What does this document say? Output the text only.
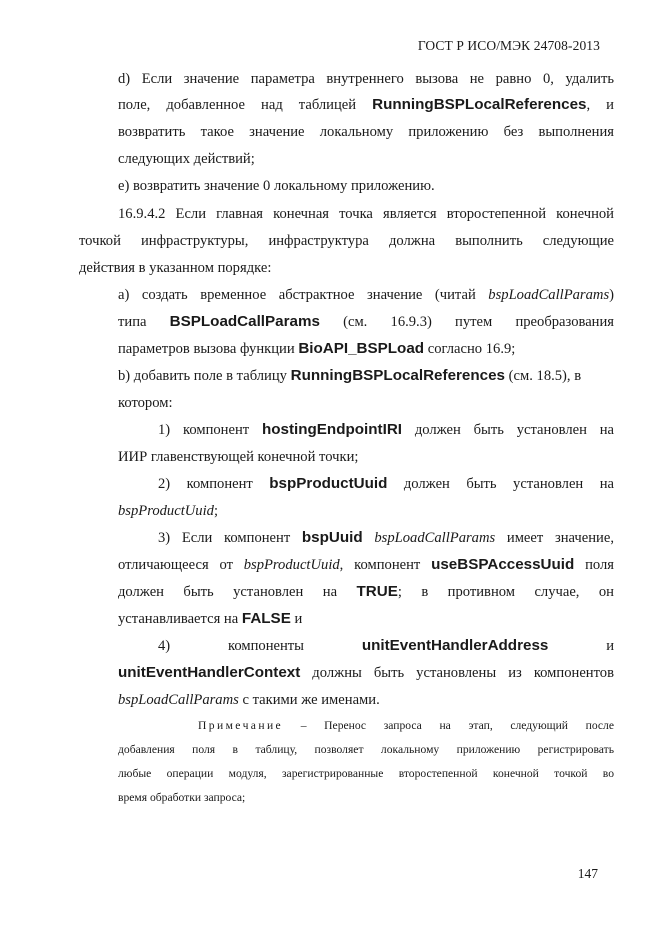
ГОСТ Р ИСО/МЭК 24708-2013
d) Если значение параметра внутреннего вызова не равно 0, удалить
поле, добавленное над таблицей RunningBSPLocalReferences, и
возвратить такое значение локальному приложению без выполнения
следующих действий;
e) возвратить значение 0 локальному приложению.
16.9.4.2 Если главная конечная точка является второстепенной конечной
точкой инфраструктуры, инфраструктура должна выполнить следующие
действия в указанном порядке:
a) создать временное абстрактное значение (читай bspLoadCallParams)
типа BSPLoadCallParams (см. 16.9.3) путем преобразования
параметров вызова функции BioAPI_BSPLoad согласно 16.9;
b) добавить поле в таблицу RunningBSPLocalReferences (см. 18.5), в
котором:
1) компонент hostingEndpointIRI должен быть установлен на
ИИР главенствующей конечной точки;
2) компонент bspProductUuid должен быть установлен на
bspProductUuid;
3) Если компонент bspUuid bspLoadCallParams имеет значение,
отличающееся от bspProductUuid, компонент useBSPAccessUuid поля
должен быть установлен на TRUE; в противном случае, он
устанавливается на FALSE и
4) компоненты	unitEventHandlerAddress	и
unitEventHandlerContext должны быть установлены из компонентов
bspLoadCallParams с такими же именами.
Примечание – Перенос запроса на этап, следующий после
добавления поля в таблицу, позволяет локальному приложению регистрировать
любые операции модуля, зарегистрированные второстепенной конечной точкой во
время обработки запроса;
147
